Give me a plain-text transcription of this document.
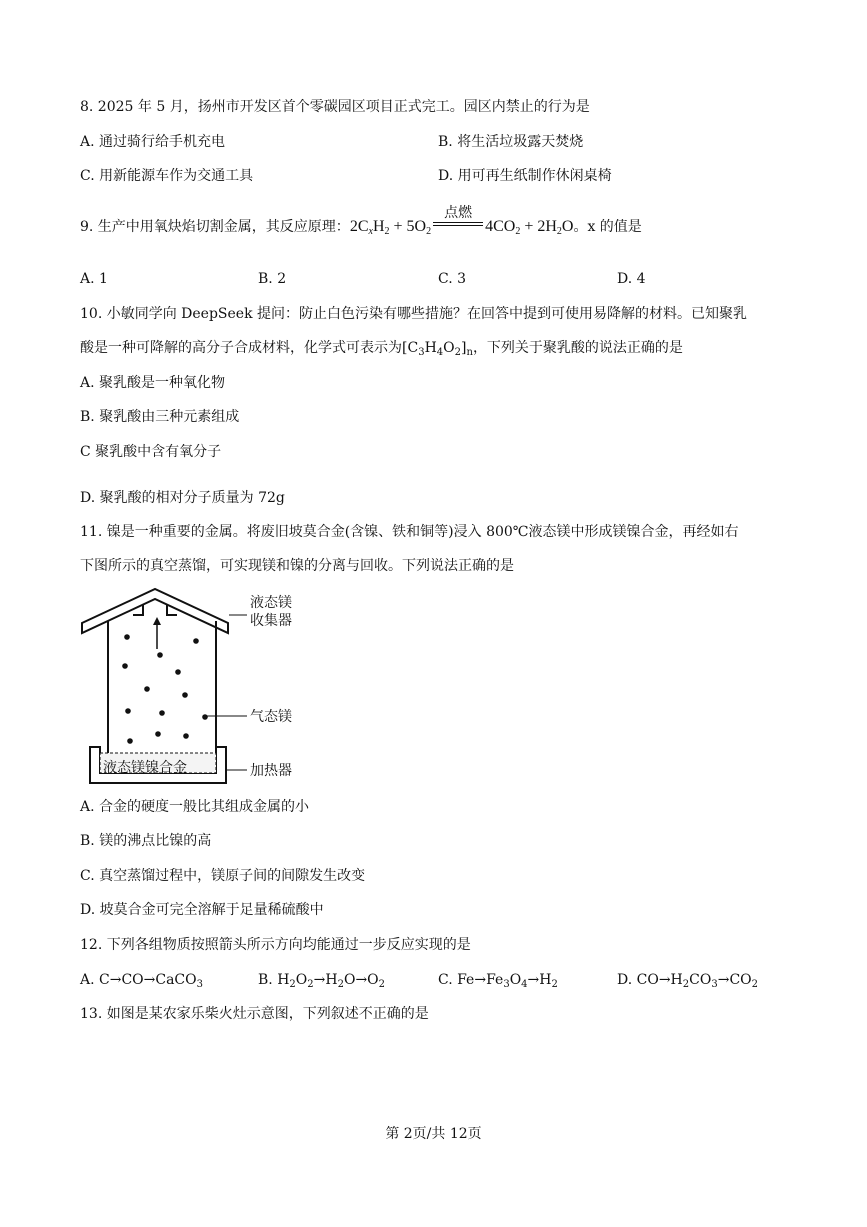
8. 2025 年 5 月，扬州市开发区首个零碳园区项目正式完工。园区内禁止的行为是
A. 通过骑行给手机充电	B. 将生活垃圾露天焚烧
C. 用新能源车作为交通工具	D. 用可再生纸制作休闲桌椅
9. 生产中用氧炔焰切割金属，其反应原理：$2C_xH_2 + 5O_2$
点燃
$4CO_2 + 2H_2O$。x 的值是
A. 1	B. 2	C. 3	D. 4
10. 小敏同学向 DeepSeek 提问：防止白色污染有哪些措施？在回答中提到可使用易降解的材料。已知聚乳
酸是一种可降解的高分子合成材料，化学式可表示为$[C_3H_4O_2]_n$，下列关于聚乳酸的说法正确的是
A. 聚乳酸是一种氧化物
B. 聚乳酸由三种元素组成
C 聚乳酸中含有氧分子
D. 聚乳酸的相对分子质量为 72g
11. 镍是一种重要的金属。将废旧坡莫合金(含镍、铁和铜等)浸入 800℃液态镁中形成镁镍合金，再经如右
下图所示的真空蒸馏，可实现镁和镍的分离与回收。下列说法正确的是
液态镁镍合金
液态镁
收集器
气态镁
加热器
A. 合金的硬度一般比其组成金属的小
B. 镁的沸点比镍的高
C. 真空蒸馏过程中，镁原子间的间隙发生改变
D. 坡莫合金可完全溶解于足量稀硫酸中
12. 下列各组物质按照箭头所示方向均能通过一步反应实现的是
A. C→CO→CaCO$_3$	B. $H_2O_2\to H_2O\to O_2$	C. $Fe\to Fe_3O_4\to H_2$	D. $CO\to H_2CO_3\to CO_2$
13. 如图是某农家乐柴火灶示意图，下列叙述不正确的是
第 2页/共 12页
